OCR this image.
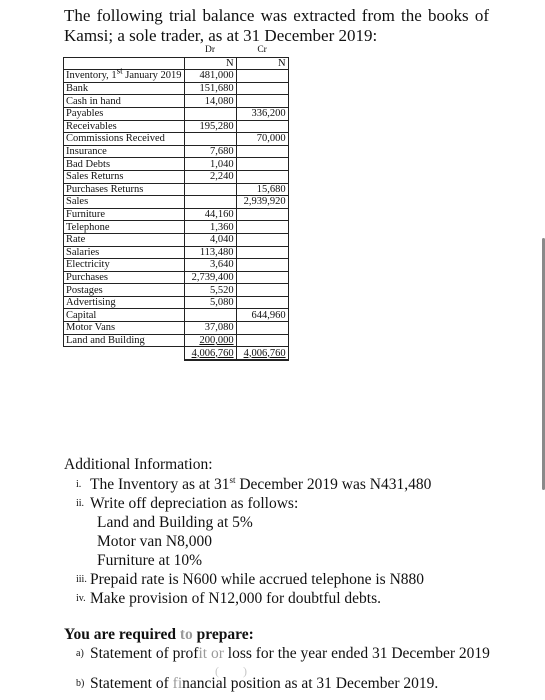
The following trial balance was extracted from the books of Kamsi; a sole trader, as at 31 December 2019:
	Dr	Cr
	N	N
Inventory, 1st January 2019	481,000	
Bank	151,680	
Cash in hand	14,080	
Payables		336,200
Receivables	195,280	
Commissions Received		70,000
Insurance	7,680	
Bad Debts	1,040	
Sales Returns	2,240	
Purchases Returns		15,680
Sales		2,939,920
Furniture	44,160	
Telephone	1,360	
Rate	4,040	
Salaries	113,480	
Electricity	3,640	
Purchases	2,739,400	
Postages	5,520	
Advertising	5,080	
Capital		644,960
Motor Vans	37,080	
Land and Building	200,000	
	4,006,760	4,006,760
Additional Information:
i. The Inventory as at 31st December 2019 was N431,480
ii. Write off depreciation as follows:
Land and Building at 5%
Motor van N8,000
Furniture at 10%
iii. Prepaid rate is N600 while accrued telephone is N880
iv. Make provision of N12,000 for doubtful debts.
You are required to prepare:
a) Statement of profit or loss for the year ended 31 December 2019
b) Statement of financial position as at 31 December 2019.
(        )
